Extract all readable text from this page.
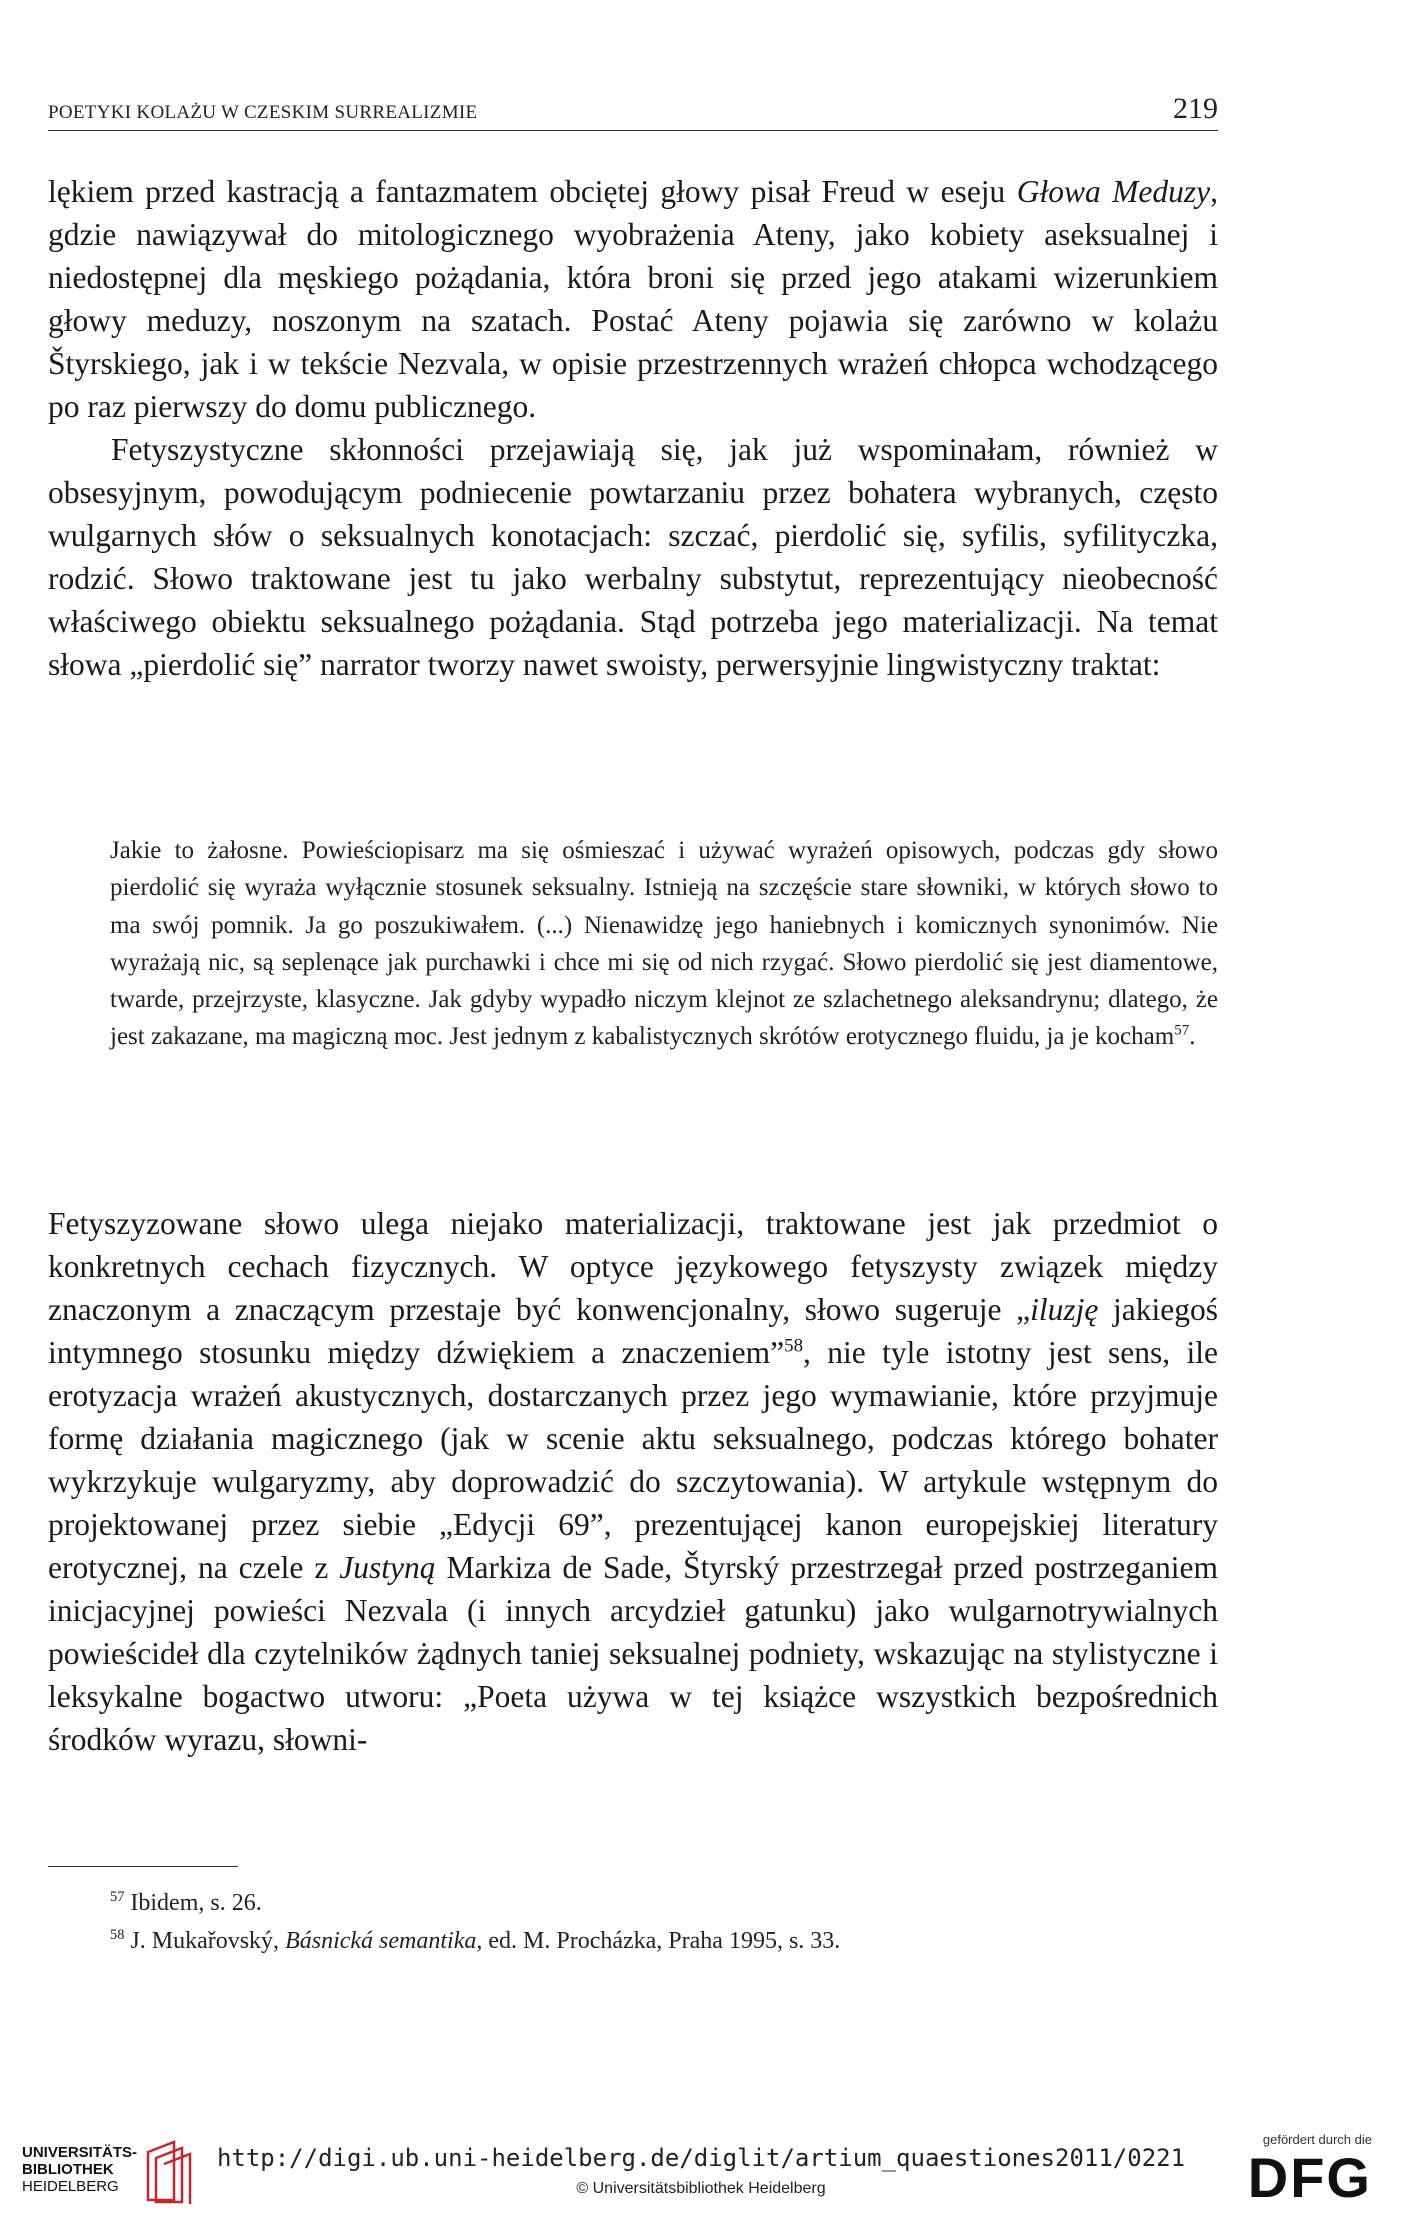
POETYKI KOLAŻU W CZESKIM SURREALIZMIE	219

lękiem przed kastracją a fantazmatem obciętej głowy pisał Freud w eseju Głowa Meduzy, gdzie nawiązywał do mitologicznego wyobrażenia Ateny, jako kobiety aseksualnej i niedostępnej dla męskiego pożądania, która broni się przed jego atakami wizerunkiem głowy meduzy, noszonym na szatach. Postać Ateny pojawia się zarówno w kolażu Štyrskiego, jak i w tekście Nezvala, w opisie przestrzennych wrażeń chłopca wchodzącego po raz pierwszy do domu publicznego.

Fetyszystyczne skłonności przejawiają się, jak już wspominałam, również w obsesyjnym, powodującym podniecenie powtarzaniu przez bohatera wybranych, często wulgarnych słów o seksualnych konotacjach: szczać, pierdolić się, syfilis, syfilityczka, rodzić. Słowo traktowane jest tu jako werbalny substytut, reprezentujący nieobecność właściwego obiektu seksualnego pożądania. Stąd potrzeba jego materializacji. Na temat słowa „pierdolić się” narrator tworzy nawet swoisty, perwersyjnie lingwistyczny traktat:

Jakie to żałosne. Powieściopisarz ma się ośmieszać i używać wyrażeń opisowych, podczas gdy słowo pierdolić się wyraża wyłącznie stosunek seksualny. Istnieją na szczęście stare słowniki, w których słowo to ma swój pomnik. Ja go poszukiwałem. (...) Nienawidzę jego haniebnych i komicznych synonimów. Nie wyrażają nic, są seplenące jak purchawki i chce mi się od nich rzygać. Słowo pierdolić się jest diamentowe, twarde, przejrzyste, klasyczne. Jak gdyby wypadło niczym klejnot ze szlachetnego aleksandrynu; dlatego, że jest zakazane, ma magiczną moc. Jest jednym z kabalistycznych skrótów erotycznego fluidu, ja je kocham$^{57}$.

Fetyszyzowane słowo ulega niejako materializacji, traktowane jest jak przedmiot o konkretnych cechach fizycznych. W optyce językowego fetyszysty związek między znaczonym a znaczącym przestaje być konwencjonalny, słowo sugeruje „iluzję jakiegoś intymnego stosunku między dźwiękiem a znaczeniem”$^{58}$, nie tyle istotny jest sens, ile erotyzacja wrażeń akustycznych, dostarczanych przez jego wymawianie, które przyjmuje formę działania magicznego (jak w scenie aktu seksualnego, podczas którego bohater wykrzykuje wulgaryzmy, aby doprowadzić do szczytowania). W artykule wstępnym do projektowanej przez siebie „Edycji 69”, prezentującej kanon europejskiej literatury erotycznej, na czele z Justyną Markiza de Sade, Štyrský przestrzegał przed postrzeganiem inicjacyjnej powieści Nezvala (i innych arcydzieł gatunku) jako wulgarnotrywialnych powieścideł dla czytelników żądnych taniej seksualnej podniety, wskazując na stylistyczne i leksykalne bogactwo utworu: „Poeta używa w tej książce wszystkich bezpośrednich środków wyrazu, słowni-

$^{57}$ Ibidem, s. 26.

$^{58}$ J. Mukařovský, Básnická semantika, ed. M. Procházka, Praha 1995, s. 33.

UNIVERSITÄTS-
BIBLIOTHEK
HEIDELBERG
http://digi.ub.uni-heidelberg.de/diglit/artium_quaestiones2011/0221
© Universitätsbibliothek Heidelberg
gefördert durch die
DFG
